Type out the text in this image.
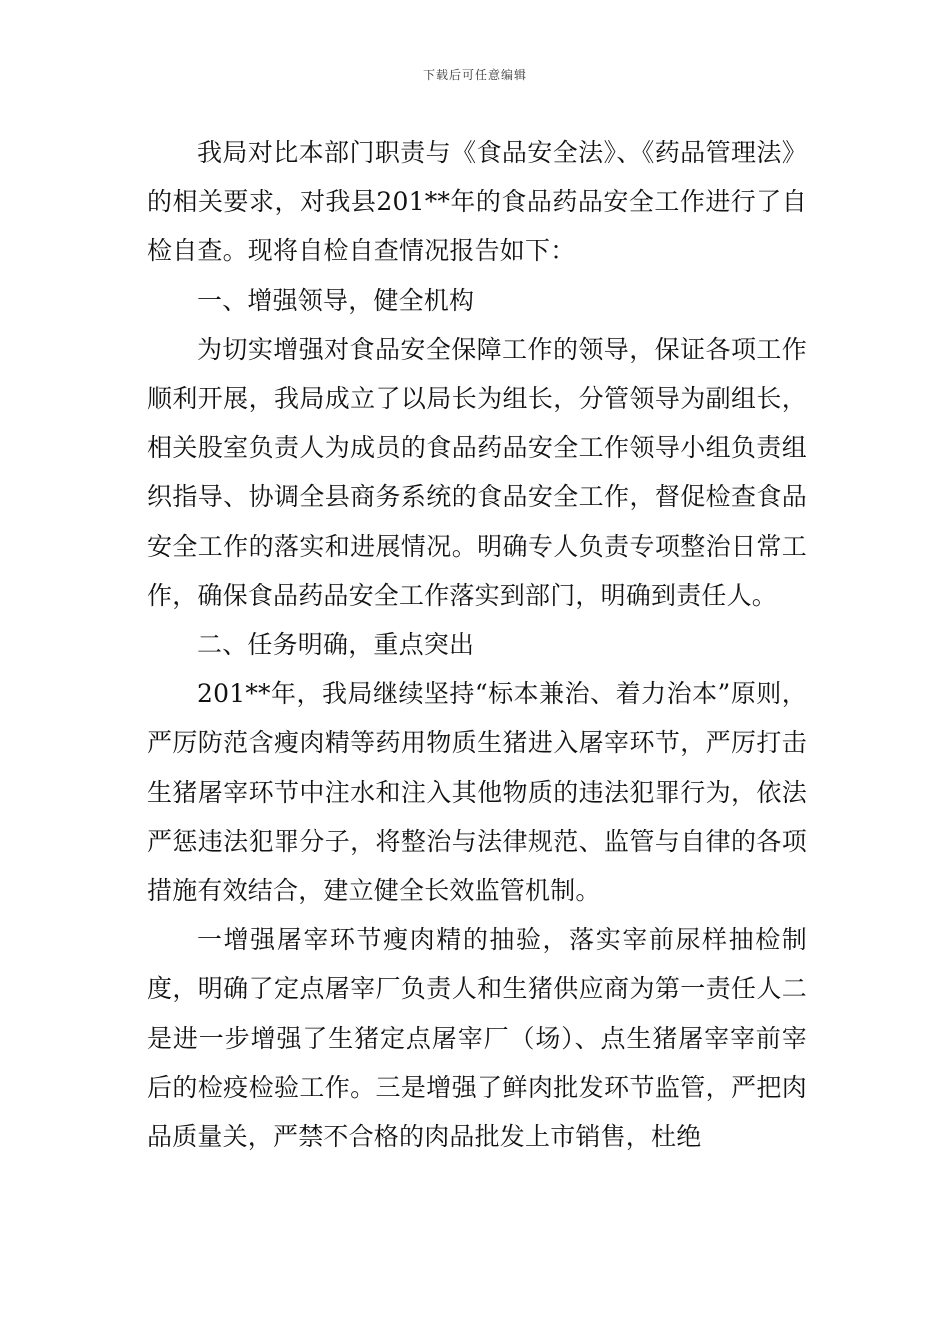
下载后可任意编辑

我局对比本部门职责与《食品安全法》、《药品管理法》的相关要求，对我县201**年的食品药品安全工作进行了自检自查。现将自检自查情况报告如下：

一、增强领导，健全机构

为切实增强对食品安全保障工作的领导，保证各项工作顺利开展，我局成立了以局长为组长，分管领导为副组长，相关股室负责人为成员的食品药品安全工作领导小组负责组织指导、协调全县商务系统的食品安全工作，督促检查食品安全工作的落实和进展情况。明确专人负责专项整治日常工作，确保食品药品安全工作落实到部门，明确到责任人。

二、任务明确，重点突出

201**年，我局继续坚持“标本兼治、着力治本”原则，严厉防范含瘦肉精等药用物质生猪进入屠宰环节，严厉打击生猪屠宰环节中注水和注入其他物质的违法犯罪行为，依法严惩违法犯罪分子，将整治与法律规范、监管与自律的各项措施有效结合，建立健全长效监管机制。

一增强屠宰环节瘦肉精的抽验，落实宰前尿样抽检制度，明确了定点屠宰厂负责人和生猪供应商为第一责任人二是进一步增强了生猪定点屠宰厂（场）、点生猪屠宰宰前宰后的检疫检验工作。三是增强了鲜肉批发环节监管，严把肉品质量关，严禁不合格的肉品批发上市销售，杜绝
